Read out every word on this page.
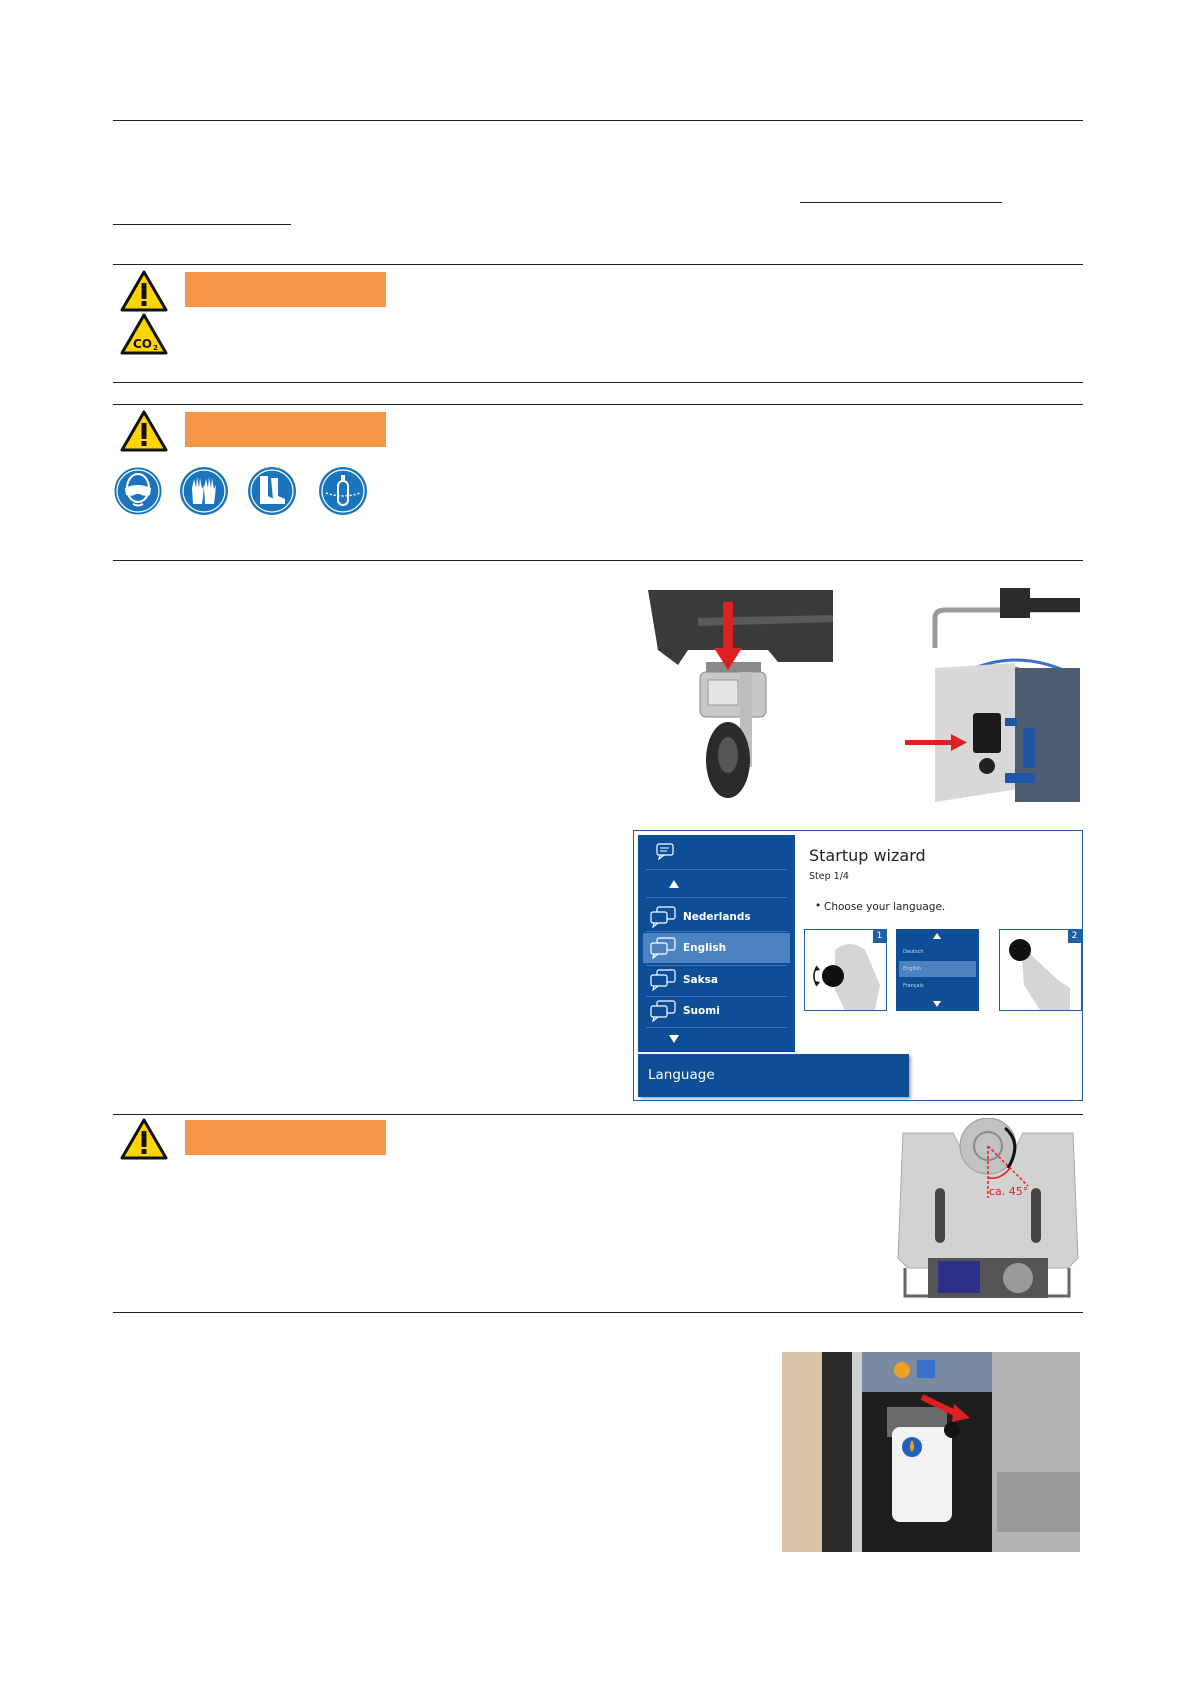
CO 2
Nederlands
English
Saksa
Suomi
Language
Startup wizard
Step 1/4
• Choose your language.
1
Deutsch
English
Français
2
ca. 45°
